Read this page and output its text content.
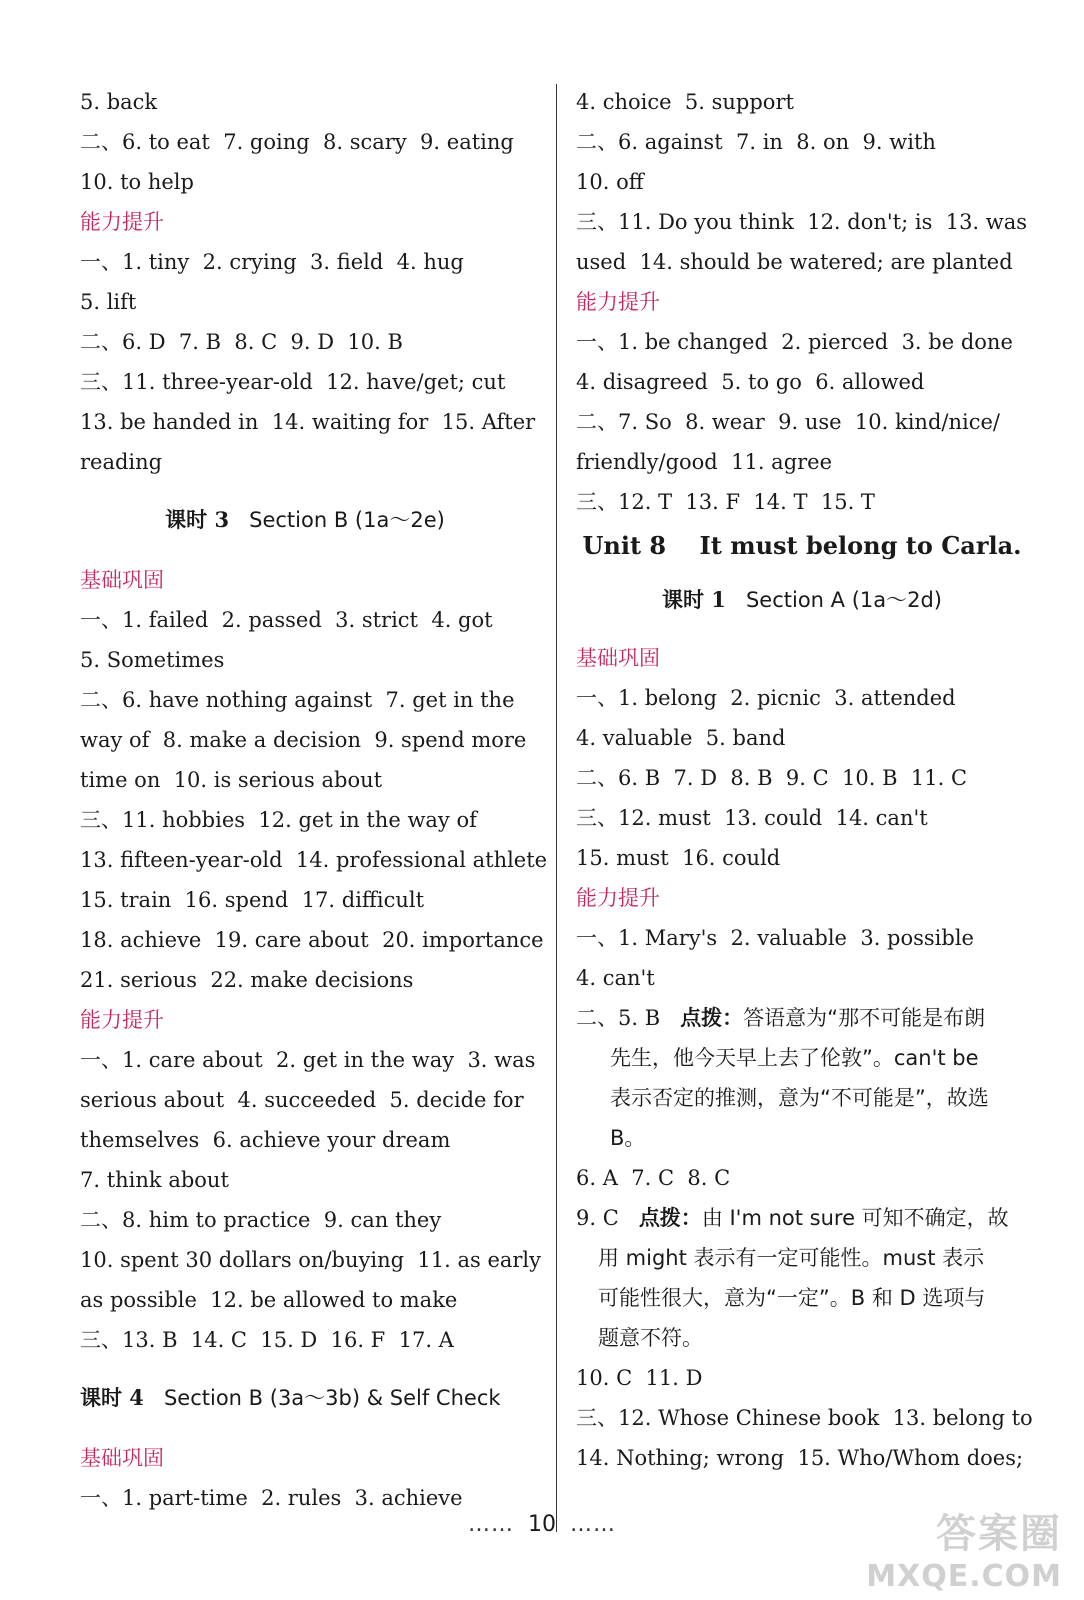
5. back
二、6. to eat  7. going  8. scary  9. eating
10. to help
能力提升
一、1. tiny  2. crying  3. field  4. hug
5. lift
二、6. D  7. B  8. C  9. D  10. B
三、11. three-year-old  12. have/get; cut
13. be handed in  14. waiting for  15. After
reading
课时 3 Section B (1a～2e)
基础巩固
一、1. failed  2. passed  3. strict  4. got
5. Sometimes
二、6. have nothing against  7. get in the
way of  8. make a decision  9. spend more
time on  10. is serious about
三、11. hobbies  12. get in the way of
13. fifteen-year-old  14. professional athlete
15. train  16. spend  17. difficult
18. achieve  19. care about  20. importance
21. serious  22. make decisions
能力提升
一、1. care about  2. get in the way  3. was
serious about  4. succeeded  5. decide for
themselves  6. achieve your dream
7. think about
二、8. him to practice  9. can they
10. spent 30 dollars on/buying  11. as early
as possible  12. be allowed to make
三、13. B  14. C  15. D  16. F  17. A
课时 4 Section B (3a～3b) & Self Check
基础巩固
一、1. part-time  2. rules  3. achieve
4. choice  5. support
二、6. against  7. in  8. on  9. with
10. off
三、11. Do you think  12. don't; is  13. was
used  14. should be watered; are planted
能力提升
一、1. be changed  2. pierced  3. be done
4. disagreed  5. to go  6. allowed
二、7. So  8. wear  9. use  10. kind/nice/
friendly/good  11. agree
三、12. T  13. F  14. T  15. T
Unit 8 It must belong to Carla.
课时 1 Section A (1a～2d)
基础巩固
一、1. belong  2. picnic  3. attended
4. valuable  5. band
二、6. B  7. D  8. B  9. C  10. B  11. C
三、12. must  13. could  14. can't
15. must  16. could
能力提升
一、1. Mary's  2. valuable  3. possible
4. can't
二、5. B 点拨：答语意为“那不可能是布朗
先生，他今天早上去了伦敦”。can't be
表示否定的推测，意为“不可能是”，故选
B。
6. A  7. C  8. C
9. C 点拨：由 I'm not sure 可知不确定，故
用 might 表示有一定可能性。must 表示
可能性很大，意为“一定”。B 和 D 选项与
题意不符。
10. C  11. D
三、12. Whose Chinese book  13. belong to
14. Nothing; wrong  15. Who/Whom does;
…… 10 ……	答案圈
MXQE.COM
